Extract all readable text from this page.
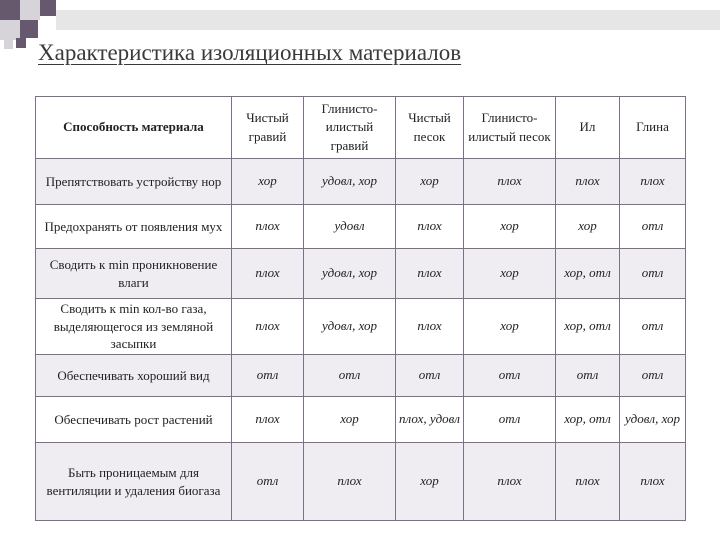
Характеристика изоляционных материалов
Способность материала	Чистый гравий	Глинисто-илистый гравий	Чистый песок	Глинисто-илистый песок	Ил	Глина
Препятствовать устройству нор	хор	удовл, хор	хор	плох	плох	плох
Предохранять от появления мух	плох	удовл	плох	хор	хор	отл
Сводить к min проникновение влаги	плох	удовл, хор	плох	хор	хор, отл	отл
Сводить к min кол-во газа, выделяющегося из земляной засыпки	плох	удовл, хор	плох	хор	хор, отл	отл
Обеспечивать хороший вид	отл	отл	отл	отл	отл	отл
Обеспечивать рост растений	плох	хор	плох, удовл	отл	хор, отл	удовл, хор
Быть проницаемым для вентиляции и удаления биогаза	отл	плох	хор	плох	плох	плох
